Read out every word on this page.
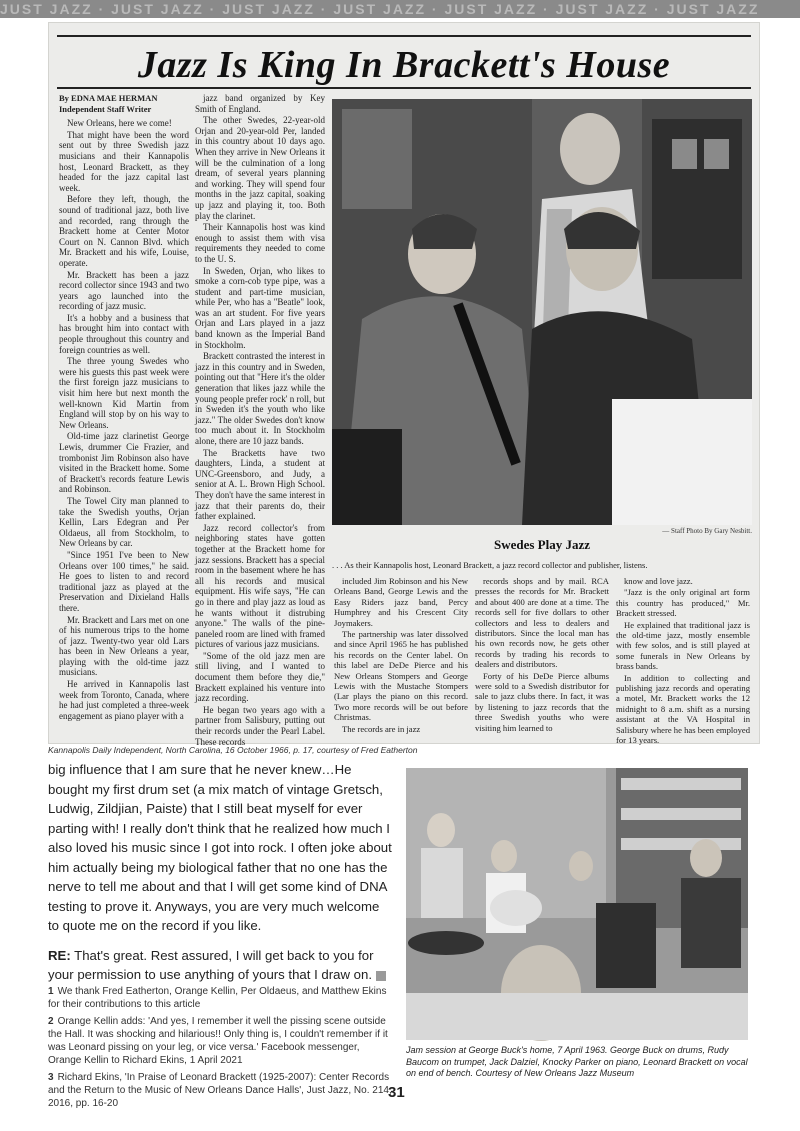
JUST JAZZ · JUST JAZZ · JUST JAZZ · JUST JAZZ · JUST JAZZ · JUST JAZZ · JUST JAZZ
Jazz Is King In Brackett's House

By EDNA MAE HERMAN
Independent Staff Writer

New Orleans, here we come!

That might have been the word sent out by three Swedish jazz musicians and their Kannapolis host, Leonard Brackett, as they headed for the jazz capital last week.

Before they left, though, the sound of traditional jazz, both live and recorded, rang through the Brackett home at Center Motor Court on N. Cannon Blvd. which Mr. Brackett and his wife, Louise, operate.

Mr. Brackett has been a jazz record collector since 1943 and two years ago launched into the recording of jazz music.

It's a hobby and a business that has brought him into contact with people throughout this country and foreign countries as well.

The three young Swedes who were his guests this past week were the first foreign jazz musicians to visit him here but next month the well-known Kid Martin from England will stop by on his way to New Orleans.

Old-time jazz clarinetist George Lewis, drummer Cie Frazier, and trombonist Jim Robinson also have visited in the Brackett home. Some of Brackett's records feature Lewis and Robinson.

The Towel City man planned to take the Swedish youths, Orjan Kellin, Lars Edegran and Per Oldaeus, all from Stockholm, to New Orleans by car.

"Since 1951 I've been to New Orleans over 100 times," he said. He goes to listen to and record traditional jazz as played at the Preservation and Dixieland Halls there.

Mr. Brackett and Lars met on one of his numerous trips to the home of jazz. Twenty-two year old Lars has been in New Orleans a year, playing with the old-time jazz musicians.

He arrived in Kannapolis last week from Toronto, Canada, where he had just completed a three-week engagement as piano player with a

jazz band organized by Key Smith of England.

The other Swedes, 22-year-old Orjan and 20-year-old Per, landed in this country about 10 days ago. When they arrive in New Orleans it will be the culmination of a long dream, of several years planning and working. They will spend four months in the jazz capital, soaking up jazz and playing it, too. Both play the clarinet.

Their Kannapolis host was kind enough to assist them with visa requirements they needed to come to the U. S.

In Sweden, Orjan, who likes to smoke a corn-cob type pipe, was a student and part-time musician, while Per, who has a "Beatle" look, was an art student. For five years Orjan and Lars played in a jazz band known as the Imperial Band in Stockholm.

Brackett contrasted the interest in jazz in this country and in Sweden, pointing out that "Here it's the older generation that likes jazz while the young people prefer rock' n roll, but in Sweden it's the youth who like jazz." The older Swedes don't know too much about it. In Stockholm alone, there are 10 jazz bands.

The Bracketts have two daughters, Linda, a student at UNC-Greensboro, and Judy, a senior at A. L. Brown High School. They don't have the same interest in jazz that their parents do, their father explained.

Jazz record collector's from neighboring states have gotten together at the Brackett home for jazz sessions. Brackett has a special room in the basement where he has all his records and musical equipment. His wife says, "He can go in there and play jazz as loud as he wants without it distrubing anyone." The walls of the pine-paneled room are lined with framed pictures of various jazz musicians.

"Some of the old jazz men are still living, and I wanted to document them before they die," Brackett explained his venture into jazz recording.

He began two years ago with a partner from Salisbury, putting out their records under the Pearl Label. These records

— Staff Photo By Gary Nesbitt.
Swedes Play Jazz
. . . As their Kannapolis host, Leonard Brackett, a jazz record collector and publisher, listens.

included Jim Robinson and his New Orleans Band, George Lewis and the Easy Riders jazz band, Percy Humphrey and his Crescent City Joymakers.

The partnership was later dissolved and since April 1965 he has published his records on the Center label. On this label are DeDe Pierce and his New Orleans Stompers and George Lewis with the Mustache Stompers (Lar plays the piano on this record. Two more records will be out before Christmas.

The records are in jazz

records shops and by mail. RCA presses the records for Mr. Brackett and about 400 are done at a time. The records sell for five dollars to other collectors and less to dealers and distributors. Since the local man has his own records now, he gets other records by trading his records to dealers and distributors.

Forty of his DeDe Pierce albums were sold to a Swedish distributor for sale to jazz clubs there. In fact, it was by listening to jazz records that the three Swedish youths who were visiting him learned to

know and love jazz.

"Jazz is the only original art form this country has produced," Mr. Brackett stressed.

He explained that traditional jazz is the old-time jazz, mostly ensemble with few solos, and is still played at some funerals in New Orleans by brass bands.

In addition to collecting and publishing jazz records and operating a motel, Mr. Brackett works the 12 midnight to 8 a.m. shift as a nursing assistant at the VA Hospital in Salisbury where he has been employed for 13 years.

Kannapolis Daily Independent, North Carolina, 16 October 1966, p. 17, courtesy of Fred Eatherton

big influence that I am sure that he never knew…He bought my first drum set (a mix match of vintage Gretsch, Ludwig, Zildjian, Paiste) that I still beat myself for ever parting with! I really don't think that he realized how much I also loved his music since I got into rock. I often joke about him actually being my biological father that no one has the nerve to tell me about and that I will get some kind of DNA testing to prove it. Anyways, you are very much welcome to quote me on the record if you like.

RE: That's great. Rest assured, I will get back to you for your permission to use anything of yours that I draw on.

1 We thank Fred Eatherton, Orange Kellin, Per Oldaeus, and Matthew Ekins for their contributions to this article

2 Orange Kellin adds: 'And yes, I remember it well the pissing scene outside the Hall. It was shocking and hilarious!! Only thing is, I couldn't remember if it was Leonard pissing on your leg, or vice versa.' Facebook messenger, Orange Kellin to Richard Ekins, 1 April 2021

3 Richard Ekins, 'In Praise of Leonard Brackett (1925-2007): Center Records and the Return to the Music of New Orleans Dance Halls', Just Jazz, No. 214, 2016, pp. 16-20

Jam session at George Buck's home, 7 April 1963. George Buck on drums, Rudy Baucom on trumpet, Jack Dalziel, Knocky Parker on piano, Leonard Brackett on vocal on end of bench. Courtesy of New Orleans Jazz Museum
31
